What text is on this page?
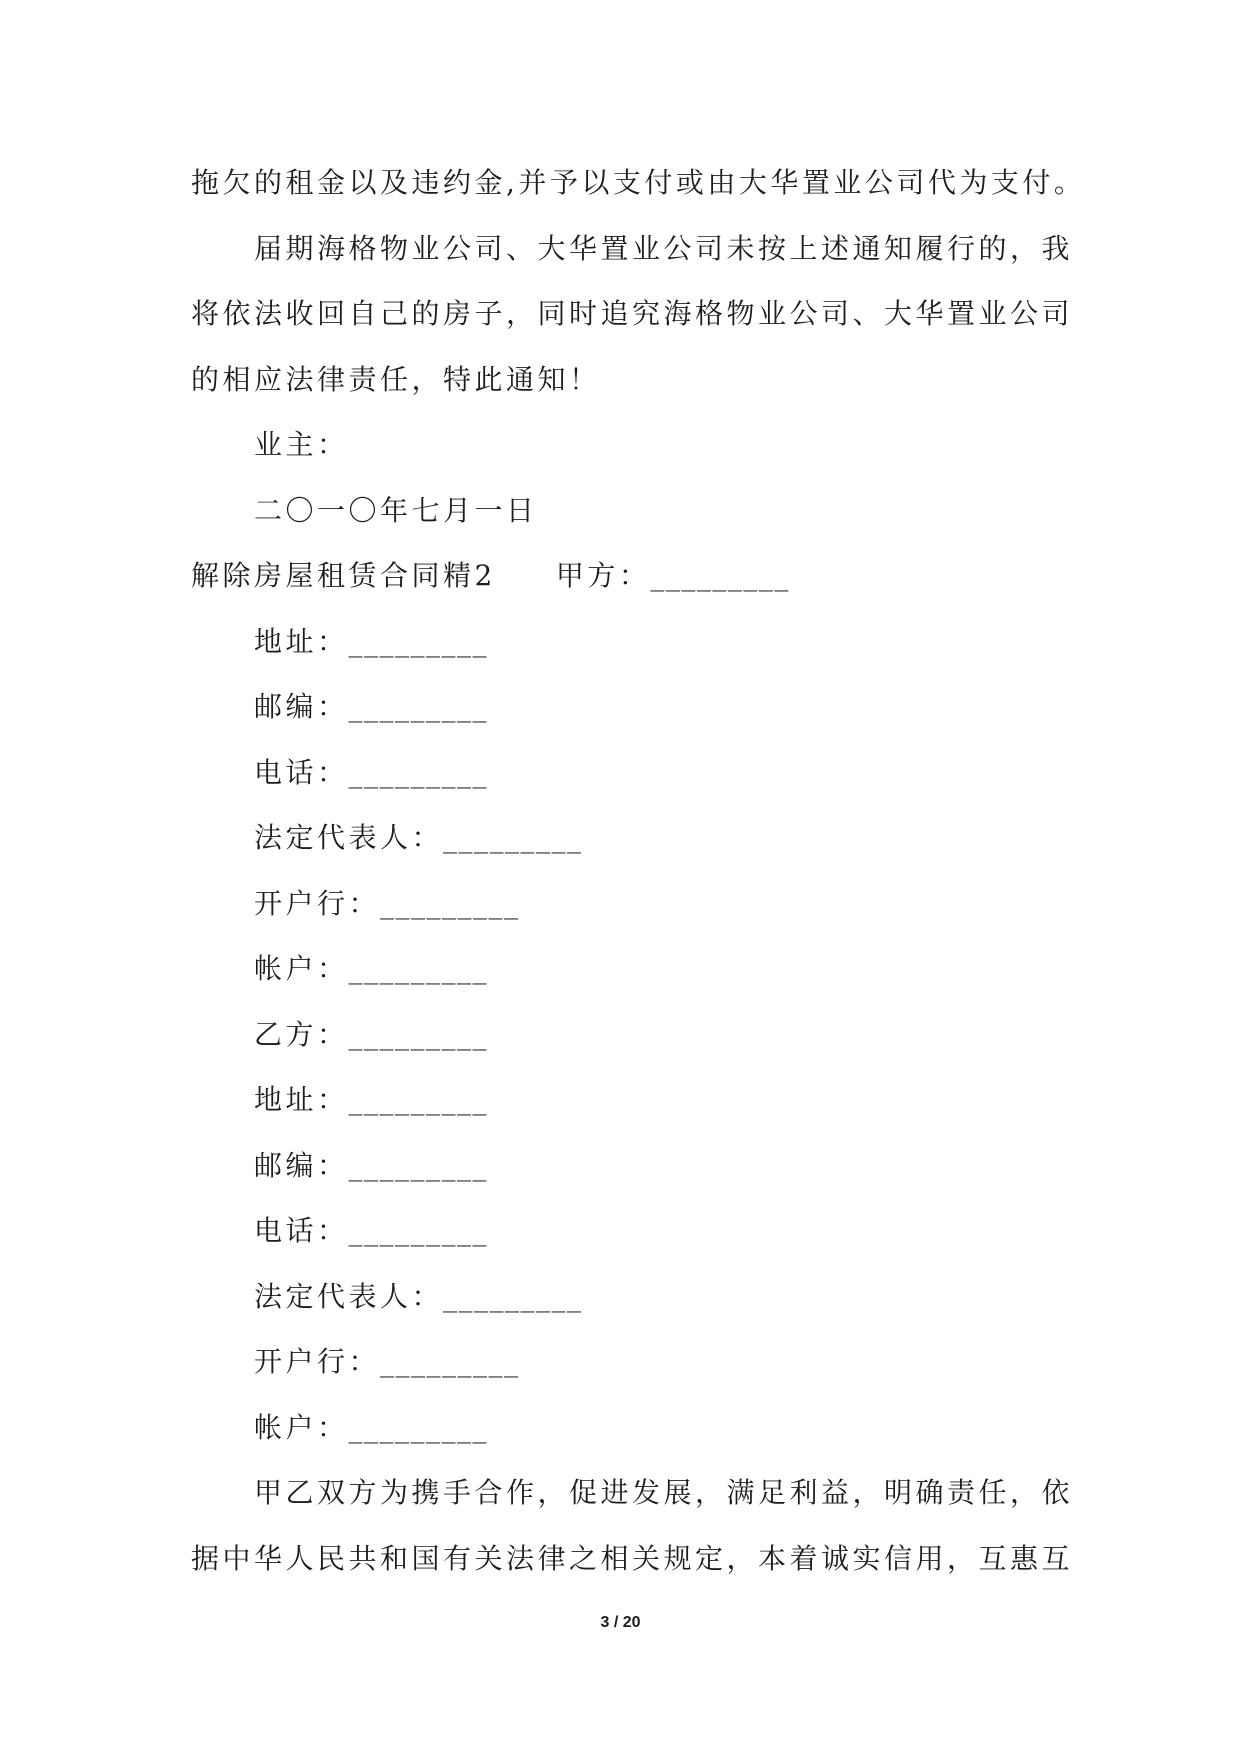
拖欠的租金以及违约金,并予以支付或由大华置业公司代为支付。
届期海格物业公司、大华置业公司未按上述通知履行的，我
将依法收回自己的房子，同时追究海格物业公司、大华置业公司
的相应法律责任，特此通知！
业主：
二〇一〇年七月一日
解除房屋租赁合同精2 甲方：_________
地址：_________
邮编：_________
电话：_________
法定代表人：_________
开户行：_________
帐户：_________
乙方：_________
地址：_________
邮编：_________
电话：_________
法定代表人：_________
开户行：_________
帐户：_________
甲乙双方为携手合作，促进发展，满足利益，明确责任，依
据中华人民共和国有关法律之相关规定，本着诚实信用，互惠互
3 / 20
